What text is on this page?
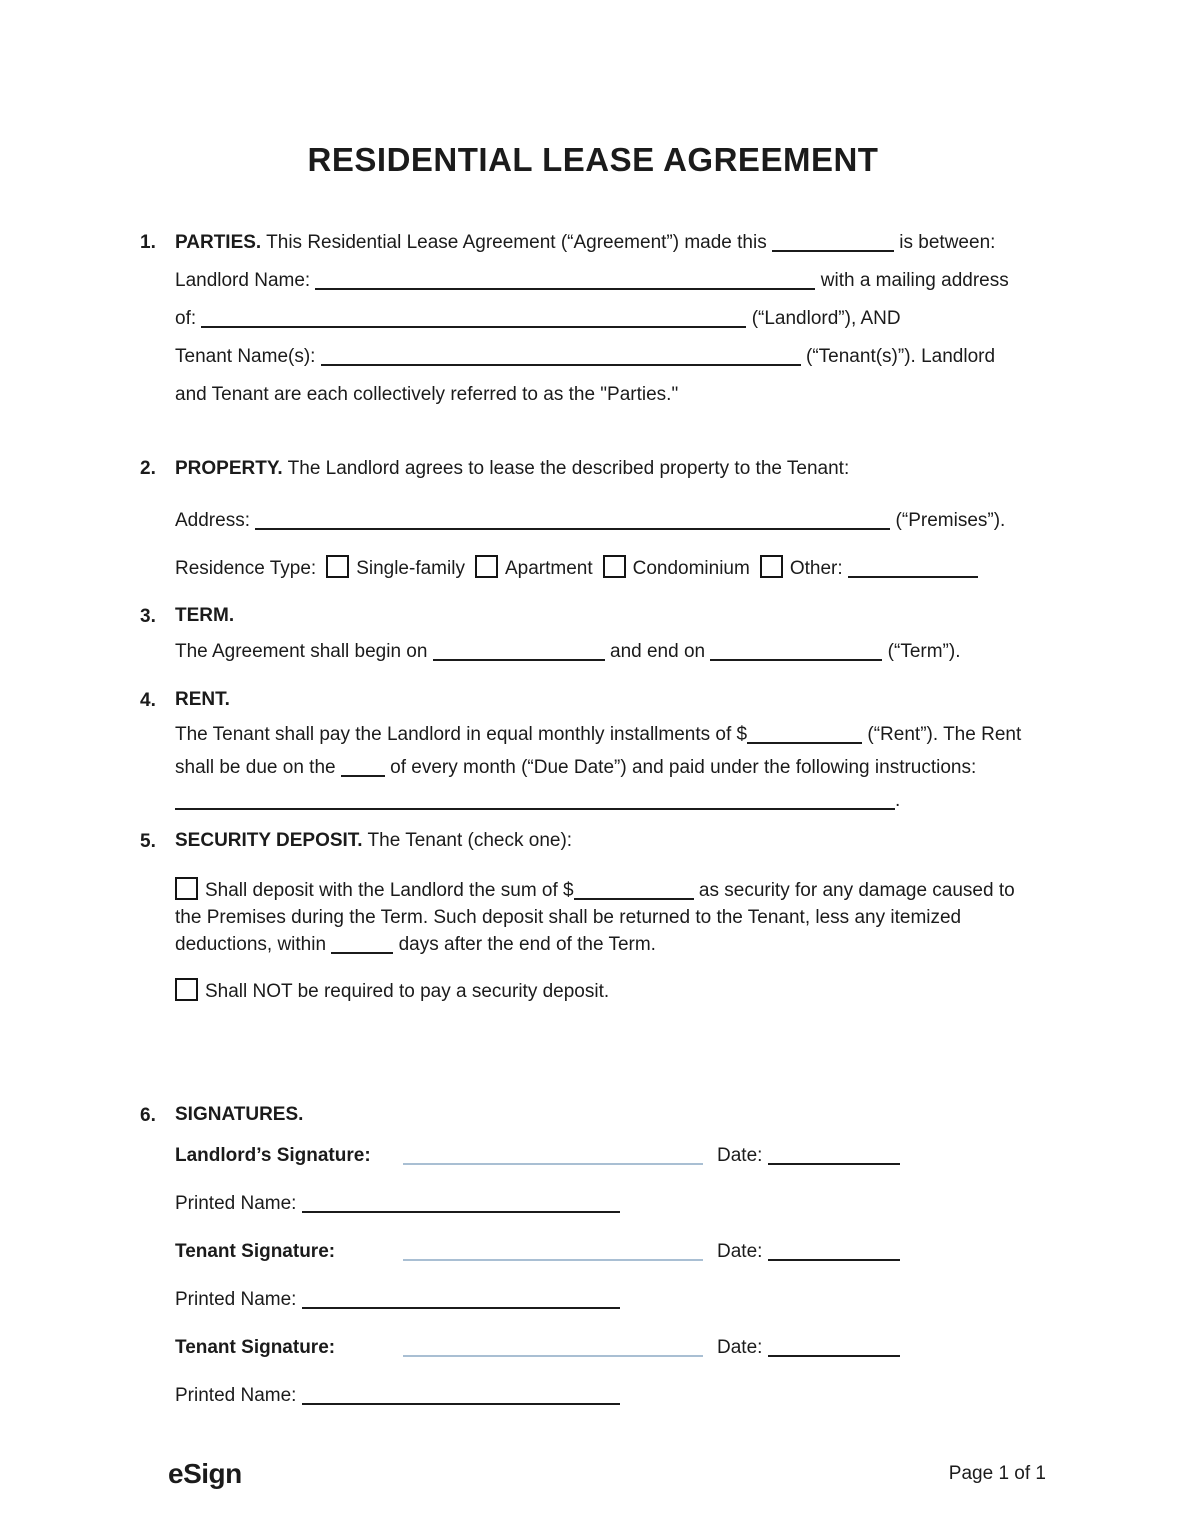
RESIDENTIAL LEASE AGREEMENT
1.	PARTIES. This Residential Lease Agreement (“Agreement”) made this	is between:
Landlord Name:	with a mailing address
of:	(“Landlord”), AND
Tenant Name(s):	(“Tenant(s)”). Landlord
and Tenant are each collectively referred to as the "Parties."
2.	PROPERTY. The Landlord agrees to lease the described property to the Tenant:
Address:	(“Premises”).
Residence Type: Single-family Apartment Condominium Other:
3.	TERM.
The Agreement shall begin on	and end on	(“Term”).
4.	RENT.
The Tenant shall pay the Landlord in equal monthly installments of $	(“Rent”). The Rent shall be due on the	of every month (“Due Date”) and paid under the following instructions: .
5.	SECURITY DEPOSIT. The Tenant (check one):
Shall deposit with the Landlord the sum of $	as security for any damage caused to the Premises during the Term. Such deposit shall be returned to the Tenant, less any itemized deductions, within	days after the end of the Term.
Shall NOT be required to pay a security deposit.
6.	SIGNATURES.
Landlord’s Signature:	Date:
Printed Name:
Tenant Signature:	Date:
Printed Name:
Tenant Signature:	Date:
Printed Name:
eSign	Page 1 of 1
